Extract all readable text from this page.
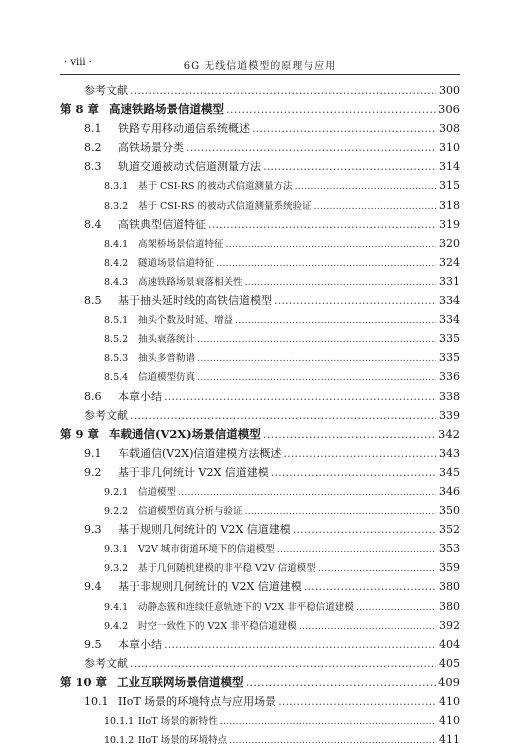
· viii ·	6G 无线信道模型的原理与应用
参考文献 ……………………………………………………………………………………………………………………………………………………………………………………	300
第 8 章 高速铁路场景信道模型 ……………………………………………………………………………………………………………………………………………………………………………………	306
8.1 铁路专用移动通信系统概述 ……………………………………………………………………………………………………………………………………………………………………………………	308
8.2 高铁场景分类 ……………………………………………………………………………………………………………………………………………………………………………………	310
8.3 轨道交通被动式信道测量方法 ……………………………………………………………………………………………………………………………………………………………………………………	314
8.3.1 基于 CSI-RS 的被动式信道测量方法 ……………………………………………………………………………………………………………………………………………………………………………………	315
8.3.2 基于 CSI-RS 的被动式信道测量系统验证 ……………………………………………………………………………………………………………………………………………………………………………………	318
8.4 高铁典型信道特征 ……………………………………………………………………………………………………………………………………………………………………………………	319
8.4.1 高架桥场景信道特征 ……………………………………………………………………………………………………………………………………………………………………………………	320
8.4.2 隧道场景信道特征 ……………………………………………………………………………………………………………………………………………………………………………………	324
8.4.3 高速铁路场景衰落相关性 ……………………………………………………………………………………………………………………………………………………………………………………	331
8.5 基于抽头延时线的高铁信道模型 ……………………………………………………………………………………………………………………………………………………………………………………	334
8.5.1 抽头个数及时延、增益 ……………………………………………………………………………………………………………………………………………………………………………………	334
8.5.2 抽头衰落统计 ……………………………………………………………………………………………………………………………………………………………………………………	335
8.5.3 抽头多普勒谱 ……………………………………………………………………………………………………………………………………………………………………………………	335
8.5.4 信道模型仿真 ……………………………………………………………………………………………………………………………………………………………………………………	336
8.6 本章小结 ……………………………………………………………………………………………………………………………………………………………………………………	338
参考文献 ……………………………………………………………………………………………………………………………………………………………………………………	339
第 9 章 车载通信(V2X)场景信道模型 ……………………………………………………………………………………………………………………………………………………………………………………	342
9.1 车载通信(V2X)信道建模方法概述 ……………………………………………………………………………………………………………………………………………………………………………………	343
9.2 基于非几何统计 V2X 信道建模 ……………………………………………………………………………………………………………………………………………………………………………………	345
9.2.1 信道模型 ……………………………………………………………………………………………………………………………………………………………………………………	346
9.2.2 信道模型仿真分析与验证 ……………………………………………………………………………………………………………………………………………………………………………………	350
9.3 基于规则几何统计的 V2X 信道建模 ……………………………………………………………………………………………………………………………………………………………………………………	352
9.3.1 V2V 城市街道环境下的信道模型 ……………………………………………………………………………………………………………………………………………………………………………………	353
9.3.2 基于几何随机建模的非平稳 V2V 信道模型 ……………………………………………………………………………………………………………………………………………………………………………………	359
9.4 基于非规则几何统计的 V2X 信道建模 ……………………………………………………………………………………………………………………………………………………………………………………	380
9.4.1 动静态簇和连续任意轨迹下的 V2X 非平稳信道建模 ……………………………………………………………………………………………………………………………………………………………………………………	380
9.4.2 时空一致性下的 V2X 非平稳信道建模 ……………………………………………………………………………………………………………………………………………………………………………………	392
9.5 本章小结 ……………………………………………………………………………………………………………………………………………………………………………………	404
参考文献 ……………………………………………………………………………………………………………………………………………………………………………………	405
第 10 章 工业互联网场景信道模型 ……………………………………………………………………………………………………………………………………………………………………………………	409
10.1 IIoT 场景的环境特点与应用场景 ……………………………………………………………………………………………………………………………………………………………………………………	410
10.1.1 IIoT 场景的新特性 ……………………………………………………………………………………………………………………………………………………………………………………	410
10.1.2 IIoT 场景的环境特点 ……………………………………………………………………………………………………………………………………………………………………………………	411
